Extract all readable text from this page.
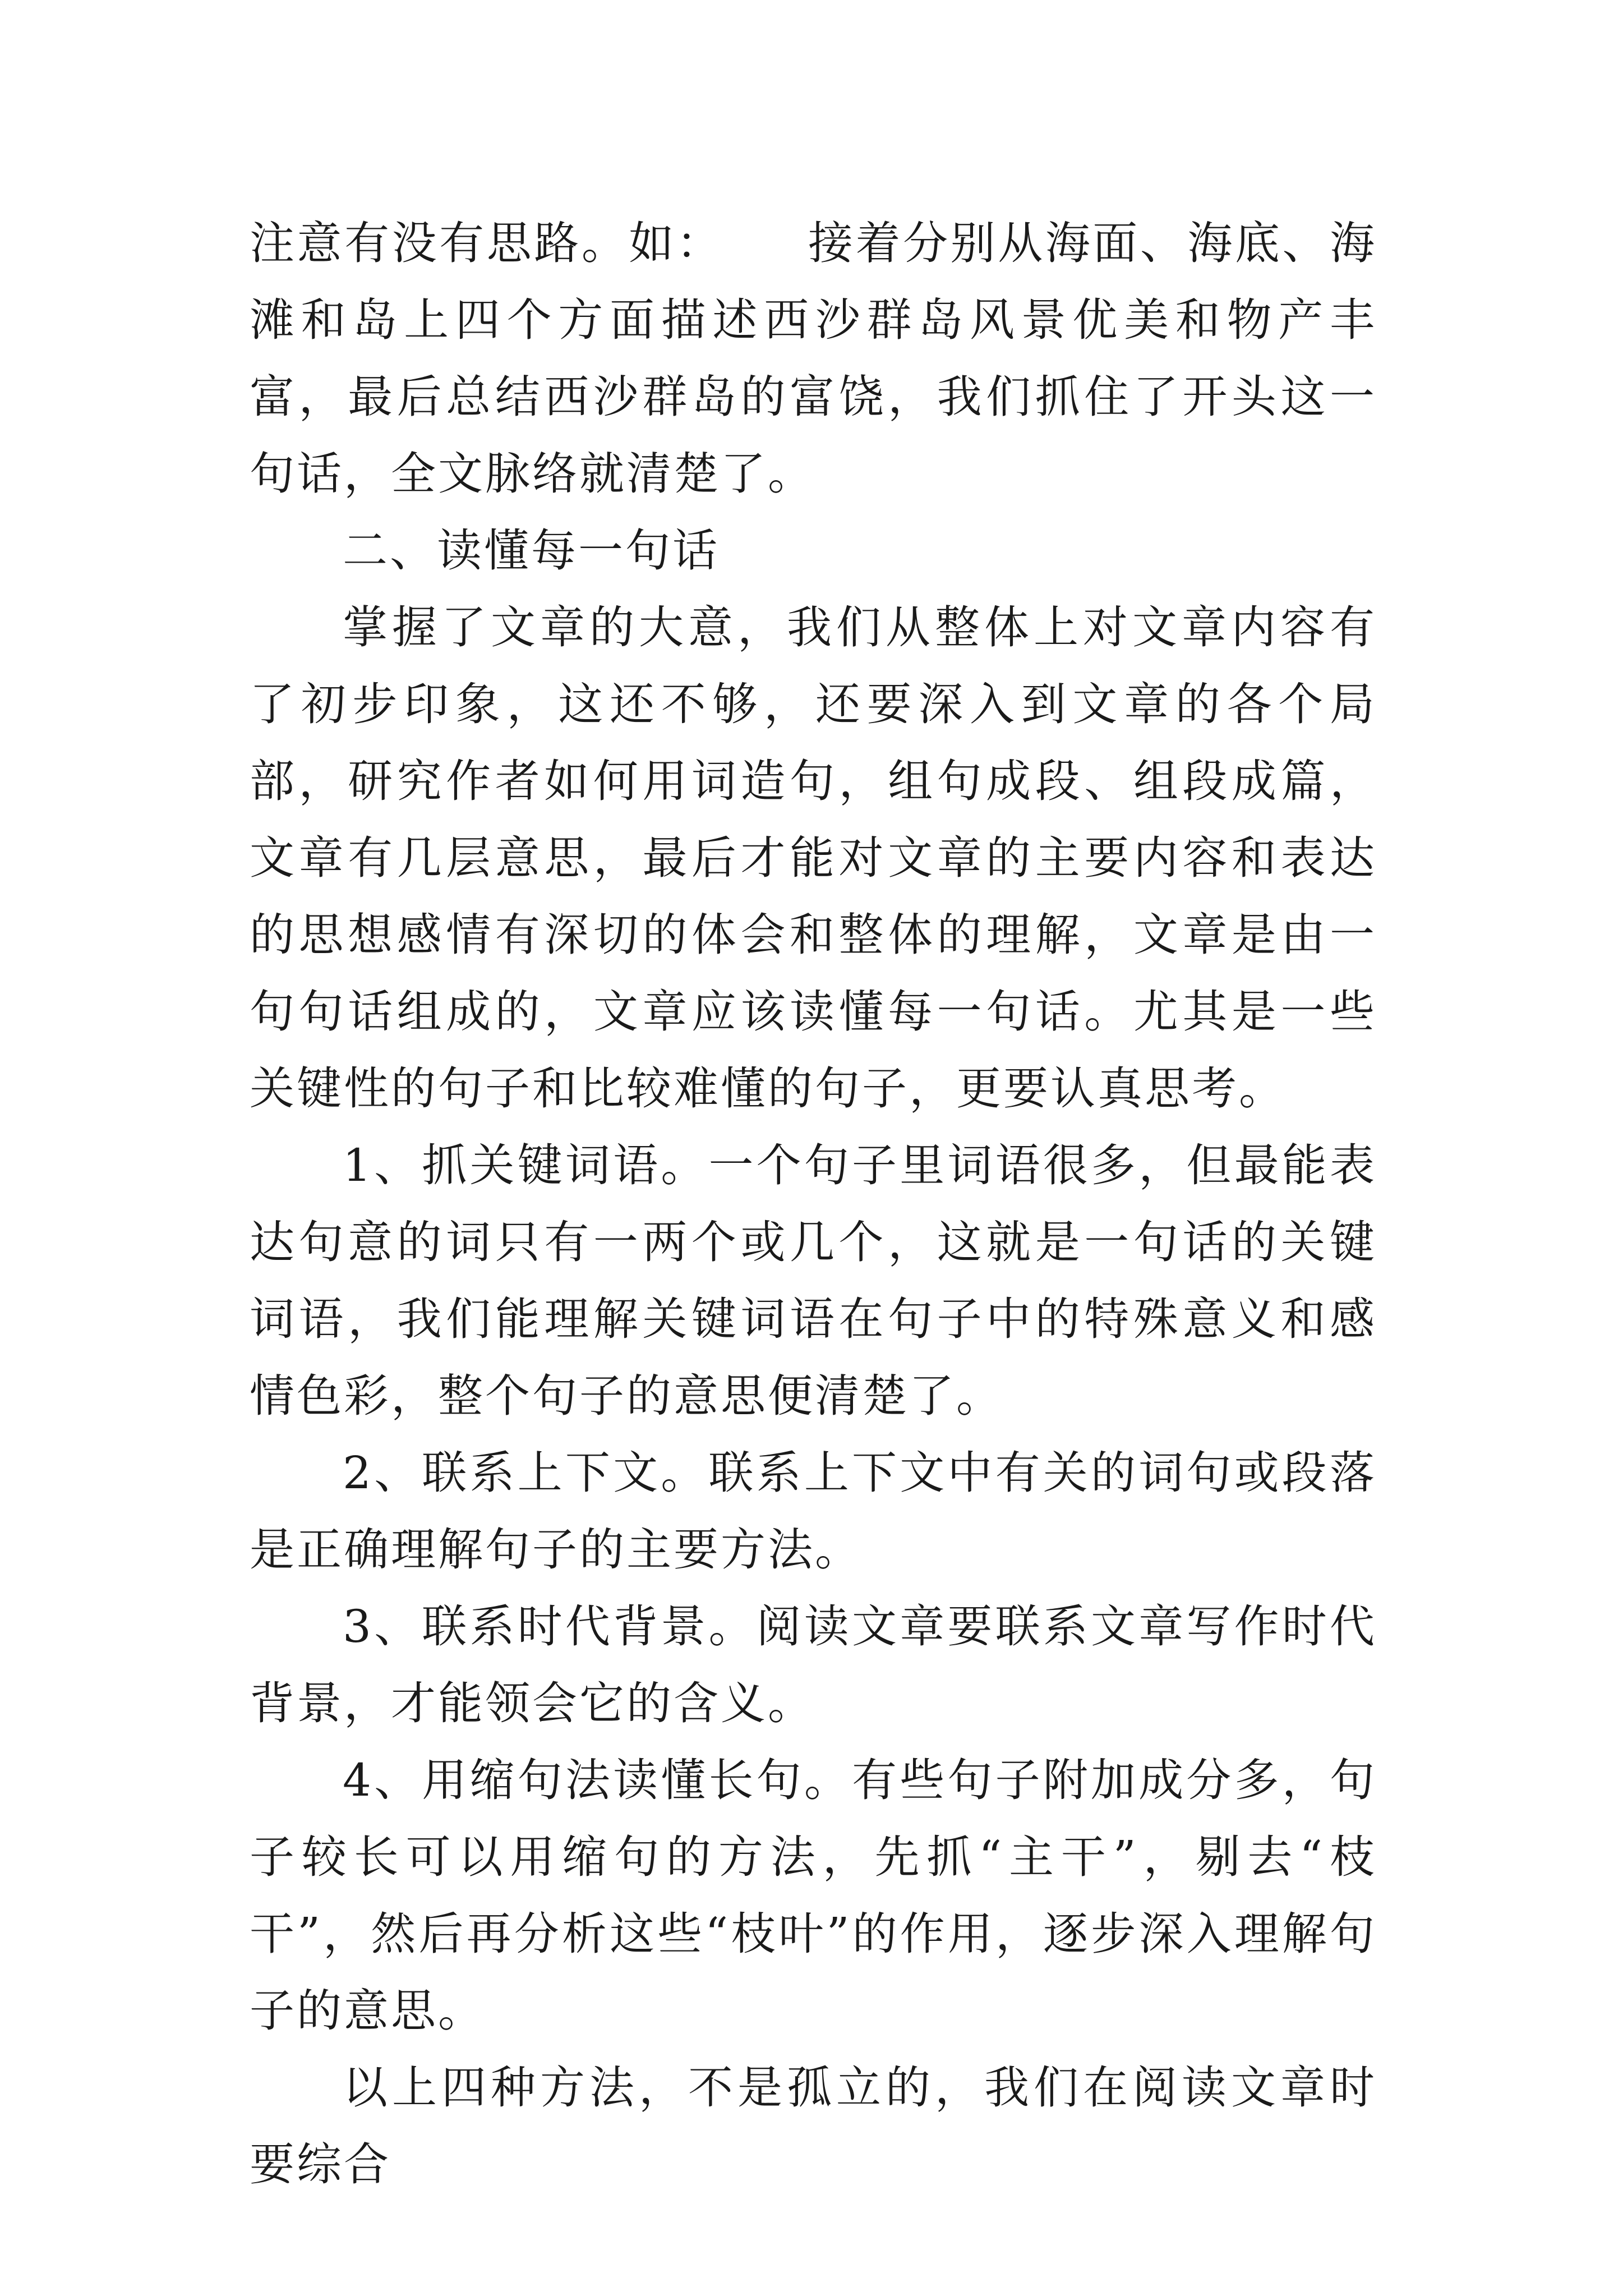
注意有没有思路。如： 接着分别从海面、海底、海滩和岛上四个方面描述西沙群岛风景优美和物产丰富，最后总结西沙群岛的富饶，我们抓住了开头这一句话，全文脉络就清楚了。

二、读懂每一句话

掌握了文章的大意，我们从整体上对文章内容有了初步印象，这还不够，还要深入到文章的各个局部，研究作者如何用词造句，组句成段、组段成篇，文章有几层意思，最后才能对文章的主要内容和表达的思想感情有深切的体会和整体的理解，文章是由一句句话组成的，文章应该读懂每一句话。尤其是一些关键性的句子和比较难懂的句子，更要认真思考。

1、抓关键词语。一个句子里词语很多，但最能表达句意的词只有一两个或几个，这就是一句话的关键词语，我们能理解关键词语在句子中的特殊意义和感情色彩，整个句子的意思便清楚了。

2、联系上下文。联系上下文中有关的词句或段落是正确理解句子的主要方法。

3、联系时代背景。阅读文章要联系文章写作时代背景，才能领会它的含义。

4、用缩句法读懂长句。有些句子附加成分多，句子较长可以用缩句的方法，先抓“主干”，剔去“枝干”，然后再分析这些“枝叶”的作用，逐步深入理解句子的意思。

以上四种方法，不是孤立的，我们在阅读文章时要综合
